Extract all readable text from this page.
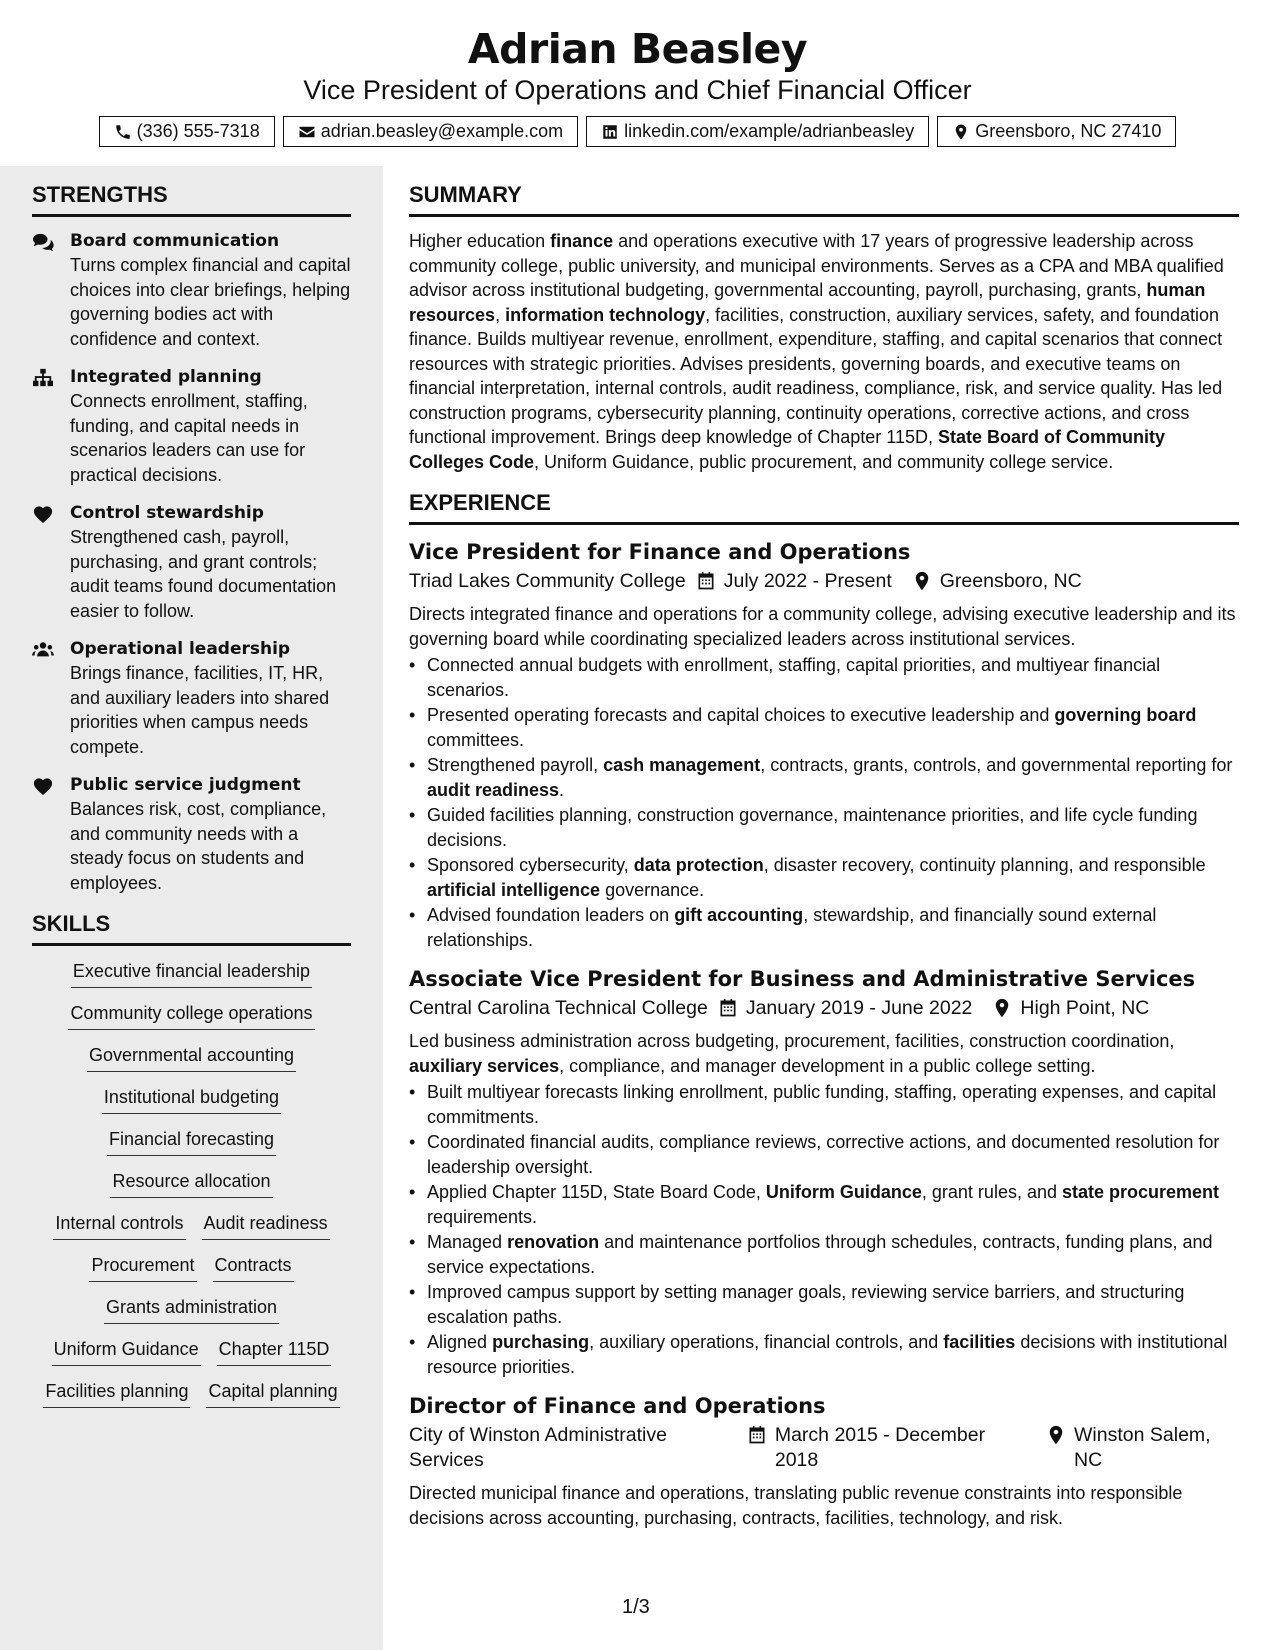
Adrian Beasley
Vice President of Operations and Chief Financial Officer
(336) 555-7318	adrian.beasley@example.com	linkedin.com/example/adrianbeasley	Greensboro, NC 27410
STRENGTHS
Board communication
Turns complex financial and capital choices into clear briefings, helping governing bodies act with confidence and context.
Integrated planning
Connects enrollment, staffing, funding, and capital needs in scenarios leaders can use for practical decisions.
Control stewardship
Strengthened cash, payroll, purchasing, and grant controls; audit teams found documentation easier to follow.
Operational leadership
Brings finance, facilities, IT, HR, and auxiliary leaders into shared priorities when campus needs compete.
Public service judgment
Balances risk, cost, compliance, and community needs with a steady focus on students and employees.
SKILLS
Executive financial leadership
Community college operations
Governmental accounting
Institutional budgeting
Financial forecasting
Resource allocation
Internal controls Audit readiness
Procurement Contracts
Grants administration
Uniform Guidance Chapter 115D
Facilities planning Capital planning
SUMMARY
Higher education finance and operations executive with 17 years of progressive leadership across community college, public university, and municipal environments. Serves as a CPA and MBA qualified advisor across institutional budgeting, governmental accounting, payroll, purchasing, grants, human resources, information technology, facilities, construction, auxiliary services, safety, and foundation finance. Builds multiyear revenue, enrollment, expenditure, staffing, and capital scenarios that connect resources with strategic priorities. Advises presidents, governing boards, and executive teams on financial interpretation, internal controls, audit readiness, compliance, risk, and service quality. Has led construction programs, cybersecurity planning, continuity operations, corrective actions, and cross functional improvement. Brings deep knowledge of Chapter 115D, State Board of Community Colleges Code, Uniform Guidance, public procurement, and community college service.
EXPERIENCE
Vice President for Finance and Operations
Triad Lakes Community College July 2022 - Present Greensboro, NC
Directs integrated finance and operations for a community college, advising executive leadership and its governing board while coordinating specialized leaders across institutional services.
• Connected annual budgets with enrollment, staffing, capital priorities, and multiyear financial scenarios.
• Presented operating forecasts and capital choices to executive leadership and governing board committees.
• Strengthened payroll, cash management, contracts, grants, controls, and governmental reporting for audit readiness.
• Guided facilities planning, construction governance, maintenance priorities, and life cycle funding decisions.
• Sponsored cybersecurity, data protection, disaster recovery, continuity planning, and responsible artificial intelligence governance.
• Advised foundation leaders on gift accounting, stewardship, and financially sound external relationships.
Associate Vice President for Business and Administrative Services
Central Carolina Technical College January 2019 - June 2022 High Point, NC
Led business administration across budgeting, procurement, facilities, construction coordination, auxiliary services, compliance, and manager development in a public college setting.
• Built multiyear forecasts linking enrollment, public funding, staffing, operating expenses, and capital commitments.
• Coordinated financial audits, compliance reviews, corrective actions, and documented resolution for leadership oversight.
• Applied Chapter 115D, State Board Code, Uniform Guidance, grant rules, and state procurement requirements.
• Managed renovation and maintenance portfolios through schedules, contracts, funding plans, and service expectations.
• Improved campus support by setting manager goals, reviewing service barriers, and structuring escalation paths.
• Aligned purchasing, auxiliary operations, financial controls, and facilities decisions with institutional resource priorities.
Director of Finance and Operations
City of Winston Administrative Services
March 2015 - December 2018
Winston Salem, NC
Directed municipal finance and operations, translating public revenue constraints into responsible decisions across accounting, purchasing, contracts, facilities, technology, and risk.
1/3
